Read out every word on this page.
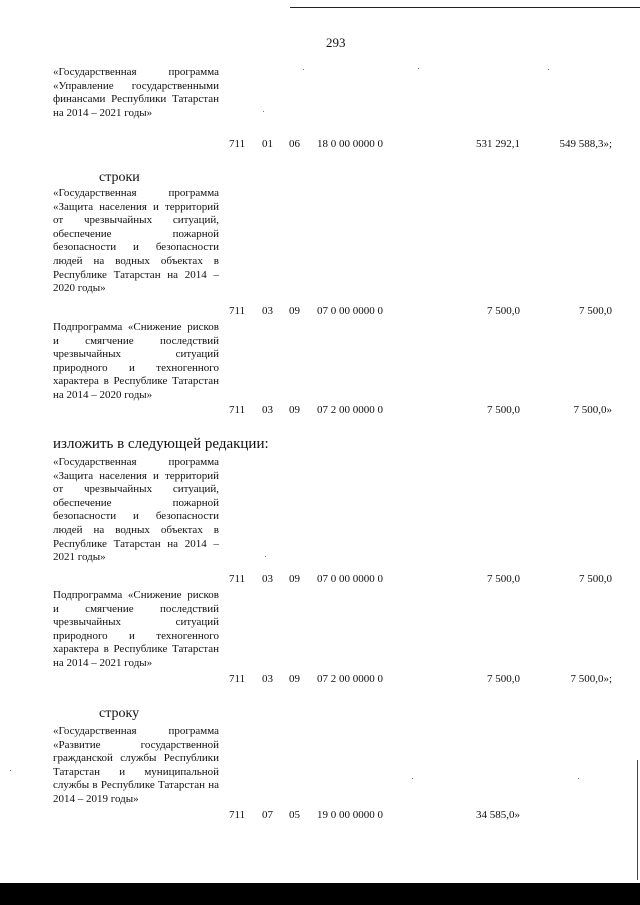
293

«Государственная программа «Управление государственными финансами Республики Татарстан на 2014 – 2021 годы»

711 01 06 18 0 00 0000 0	531 292,1	549 588,3»;
строки

«Государственная программа «Защита населения и территорий от чрезвычайных ситуаций, обеспечение пожарной безопасности и безопасности людей на водных объектах в Республике Татарстан на 2014 – 2020 годы»

711 03 09 07 0 00 0000 0	7 500,0	7 500,0

Подпрограмма «Снижение рисков и смягчение последствий чрезвычайных ситуаций природного и техногенного характера в Республике Татарстан на 2014 – 2020 годы»

711 03 09 07 2 00 0000 0	7 500,0	7 500,0»
изложить в следующей редакции:

«Государственная программа «Защита населения и территорий от чрезвычайных ситуаций, обеспечение пожарной безопасности и безопасности людей на водных объектах в Республике Татарстан на 2014 – 2021 годы»

711 03 09 07 0 00 0000 0	7 500,0	7 500,0

Подпрограмма «Снижение рисков и смягчение последствий чрезвычайных ситуаций природного и техногенного характера в Республике Татарстан на 2014 – 2021 годы»

711 03 09 07 2 00 0000 0	7 500,0	7 500,0»;
строку

«Государственная программа «Развитие государственной гражданской службы Республики Татарстан и муниципальной службы в Республике Татарстан на 2014 – 2019 годы»

711 07 05 19 0 00 0000 0	34 585,0»
